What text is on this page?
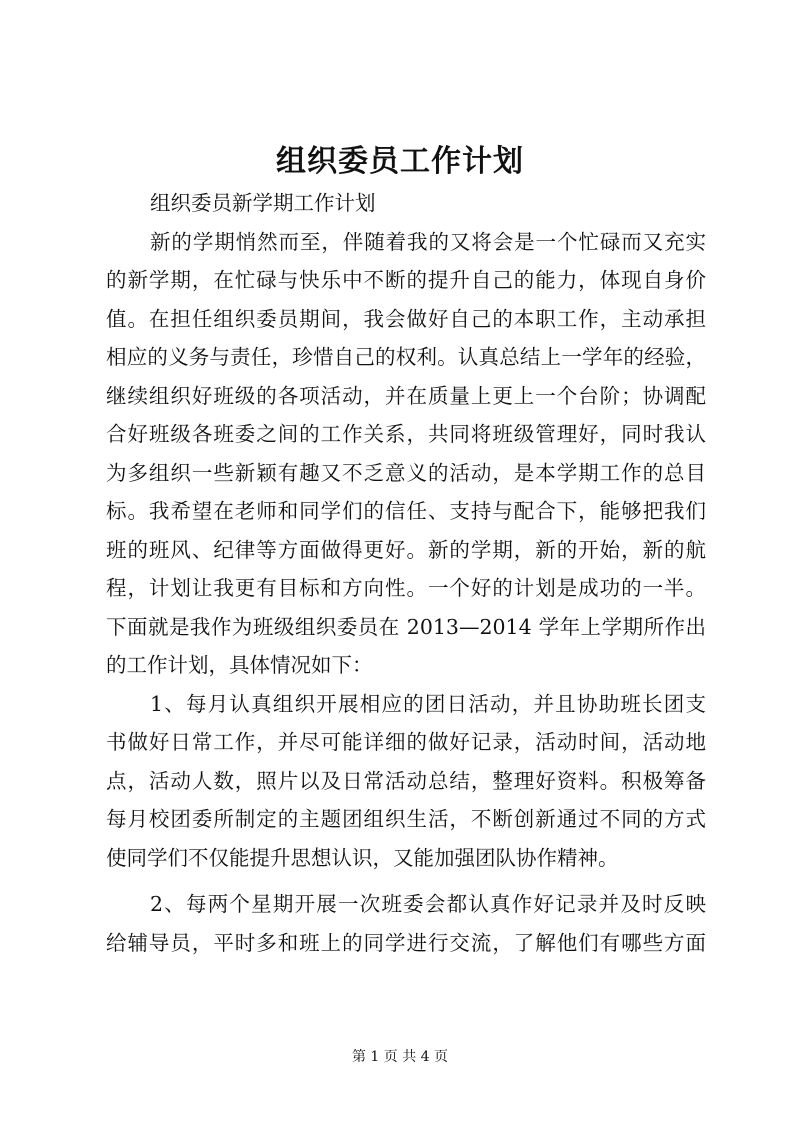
组织委员工作计划
组织委员新学期工作计划
新的学期悄然而至，伴随着我的又将会是一个忙碌而又充实
的新学期，在忙碌与快乐中不断的提升自己的能力，体现自身价
值。在担任组织委员期间，我会做好自己的本职工作，主动承担
相应的义务与责任，珍惜自己的权利。认真总结上一学年的经验，
继续组织好班级的各项活动，并在质量上更上一个台阶；协调配
合好班级各班委之间的工作关系，共同将班级管理好，同时我认
为多组织一些新颖有趣又不乏意义的活动，是本学期工作的总目
标。我希望在老师和同学们的信任、支持与配合下，能够把我们
班的班风、纪律等方面做得更好。新的学期，新的开始，新的航
程，计划让我更有目标和方向性。一个好的计划是成功的一半。
下面就是我作为班级组织委员在 2013—2014 学年上学期所作出
的工作计划，具体情况如下：
1、每月认真组织开展相应的团日活动，并且协助班长团支
书做好日常工作，并尽可能详细的做好记录，活动时间，活动地
点，活动人数，照片以及日常活动总结，整理好资料。积极筹备
每月校团委所制定的主题团组织生活，不断创新通过不同的方式
使同学们不仅能提升思想认识，又能加强团队协作精神。
2、每两个星期开展一次班委会都认真作好记录并及时反映
给辅导员，平时多和班上的同学进行交流，了解他们有哪些方面
第 1 页 共 4 页
